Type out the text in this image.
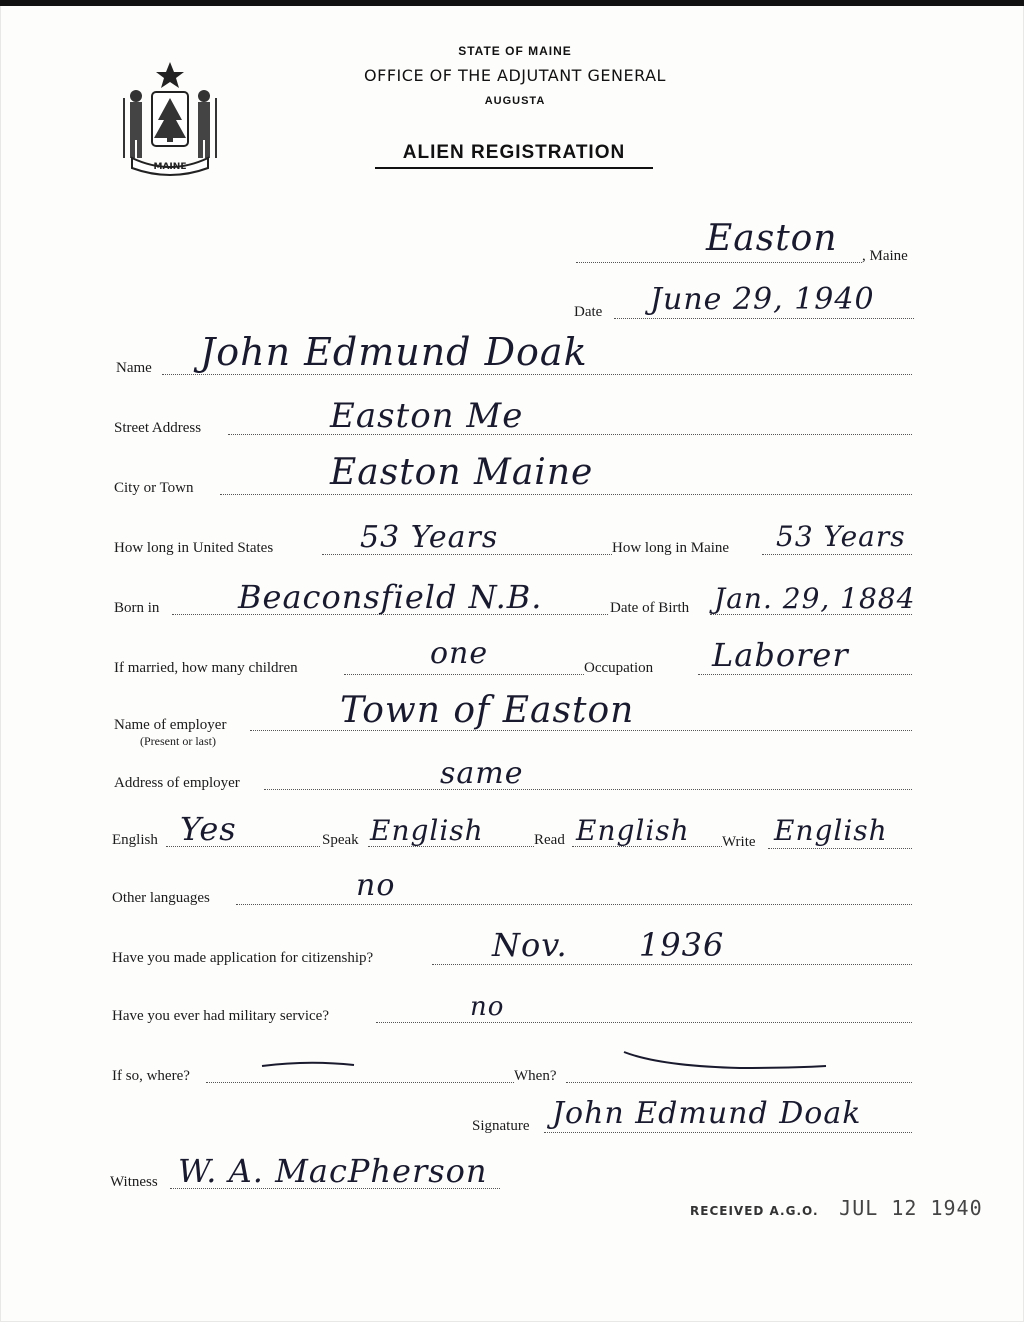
MAINE
STATE OF MAINE
OFFICE OF THE ADJUTANT GENERAL
AUGUSTA
ALIEN REGISTRATION
Easton , Maine
Date June 29, 1940
Name John Edmund Doak
Street Address	Easton Me
City or Town	Easton Maine
How long in United States	53 Years	How long in Maine 53 Years
Born in Beaconsfield N.B.	Date of Birth Jan. 29, 1884
If married, how many children	one	Occupation Laborer
Name of employer
(Present or last)
Town of Easton
Address of employer	same
English Yes	Speak English	Read English Write English
Other languages	no
Have you made application for citizenship?	Nov. 1936
Have you ever had military service?	no
If so, where?	When?
Signature John Edmund Doak
Witness W. A. MacPherson
RECEIVED A.G.O. JUL 12 1940
